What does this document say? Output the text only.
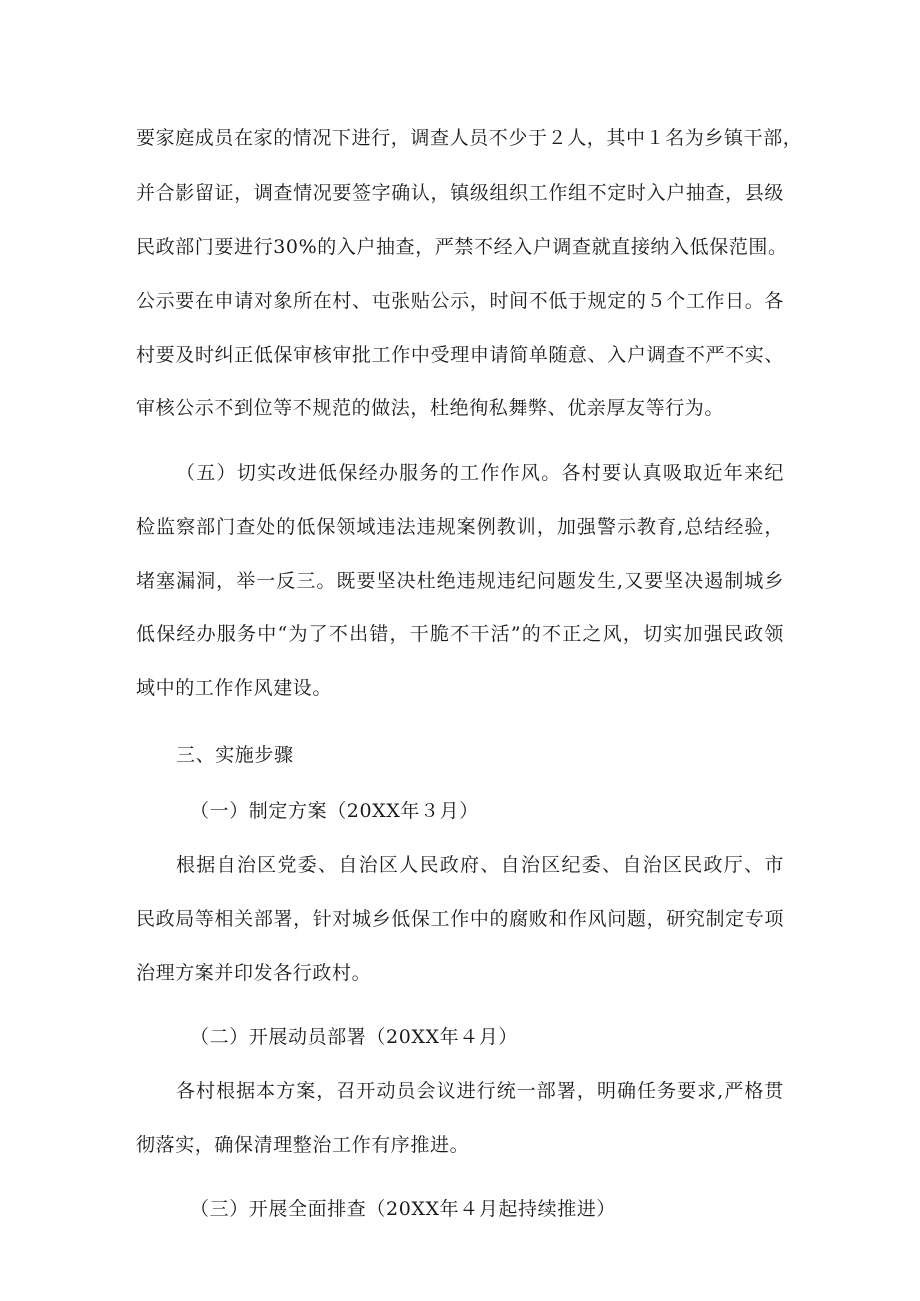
要家庭成员在家的情况下进行，调查人员不少于２人，其中１名为乡镇干部，

并合影留证，调查情况要签字确认，镇级组织工作组不定时入户抽查，县级

民政部门要进行30%的入户抽查，严禁不经入户调查就直接纳入低保范围。

公示要在申请对象所在村、屯张贴公示，时间不低于规定的５个工作日。各

村要及时纠正低保审核审批工作中受理申请简单随意、入户调查不严不实、

审核公示不到位等不规范的做法，杜绝徇私舞弊、优亲厚友等行为。

（五）切实改进低保经办服务的工作作风。各村要认真吸取近年来纪

检监察部门查处的低保领域违法违规案例教训，加强警示教育,总结经验，

堵塞漏洞，举一反三。既要坚决杜绝违规违纪问题发生,又要坚决遏制城乡

低保经办服务中“为了不出错，干脆不干活”的不正之风，切实加强民政领

域中的工作作风建设。

三、实施步骤

（一）制定方案（20XX年３月）

根据自治区党委、自治区人民政府、自治区纪委、自治区民政厅、市

民政局等相关部署，针对城乡低保工作中的腐败和作风问题，研究制定专项

治理方案并印发各行政村。

（二）开展动员部署（20XX年４月）

各村根据本方案，召开动员会议进行统一部署，明确任务要求,严格贯

彻落实，确保清理整治工作有序推进。

（三）开展全面排查（20XX年４月起持续推进）
